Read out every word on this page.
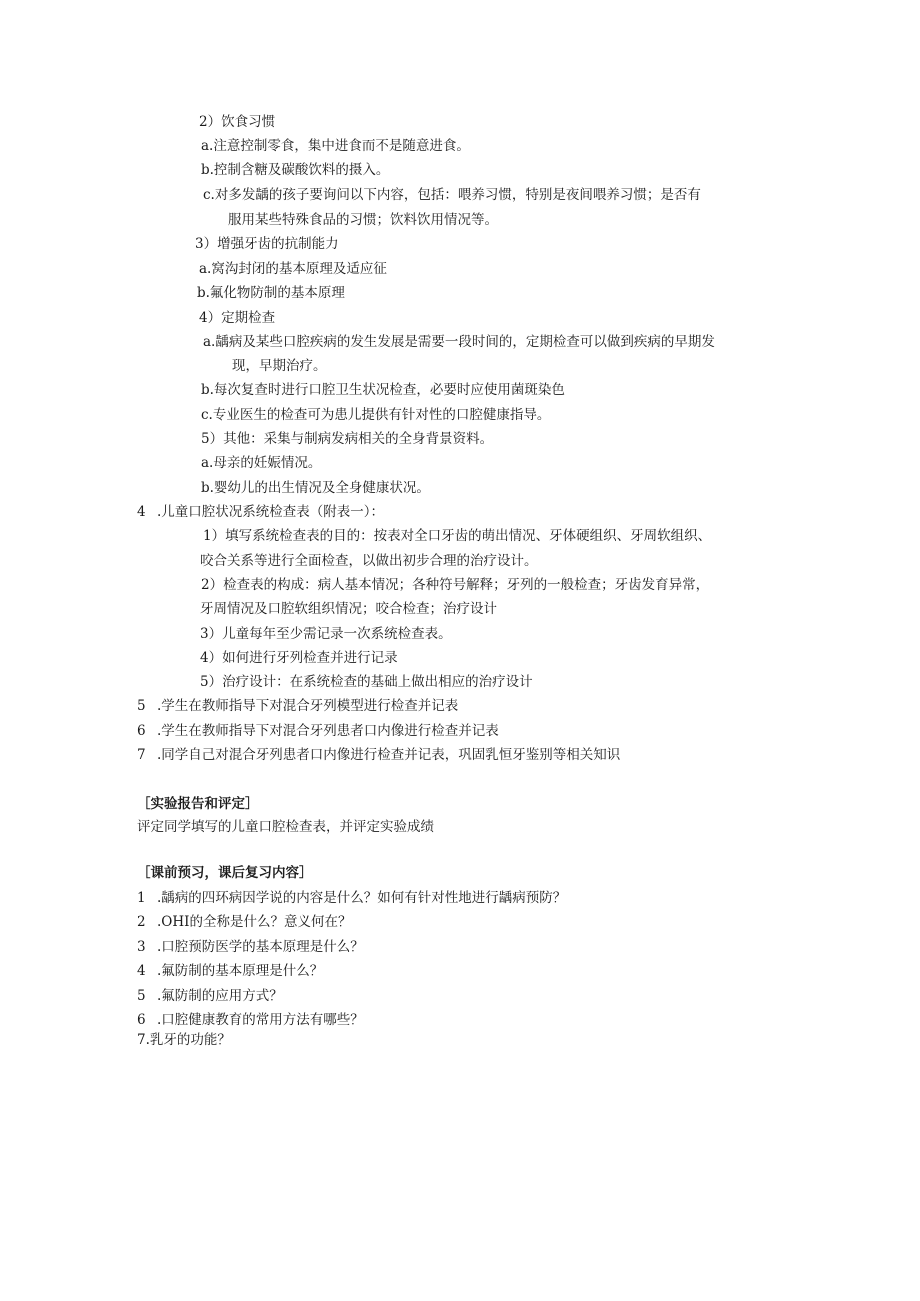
2）饮食习惯
a.注意控制零食，集中进食而不是随意进食。
b.控制含糖及碳酸饮料的摄入。
c.对多发龋的孩子要询问以下内容，包括：喂养习惯，特别是夜间喂养习惯；是否有
服用某些特殊食品的习惯；饮料饮用情况等。
3）增强牙齿的抗制能力
a.窝沟封闭的基本原理及适应征
b.氟化物防制的基本原理
4）定期检查
a.龋病及某些口腔疾病的发生发展是需要一段时间的，定期检查可以做到疾病的早期发
现，早期治疗。
b.每次复查时进行口腔卫生状况检查，必要时应使用菌斑染色
c.专业医生的检查可为患儿提供有针对性的口腔健康指导。
5）其他：采集与制病发病相关的全身背景资料。
a.母亲的妊娠情况。
b.婴幼儿的出生情况及全身健康状况。
4 .儿童口腔状况系统检查表（附表一）：
1）填写系统检查表的目的：按表对全口牙齿的萌出情况、牙体硬组织、牙周软组织、
咬合关系等进行全面检查，以做出初步合理的治疗设计。
2）检查表的构成：病人基本情况；各种符号解释；牙列的一般检查；牙齿发育异常，
牙周情况及口腔软组织情况；咬合检查；治疗设计
3）儿童每年至少需记录一次系统检查表。
4）如何进行牙列检查并进行记录
5）治疗设计：在系统检查的基础上做出相应的治疗设计
5 .学生在教师指导下对混合牙列模型进行检查并记表
6 .学生在教师指导下对混合牙列患者口内像进行检查并记表
7 .同学自己对混合牙列患者口内像进行检查并记表，巩固乳恒牙鉴别等相关知识
［实验报告和评定］
评定同学填写的儿童口腔检查表，并评定实验成绩
［课前预习，课后复习内容］
1 .龋病的四环病因学说的内容是什么？如何有针对性地进行龋病预防？
2 .OHI的全称是什么？意义何在？
3 .口腔预防医学的基本原理是什么？
4 .氟防制的基本原理是什么？
5 .氟防制的应用方式？
6 .口腔健康教育的常用方法有哪些？
7.乳牙的功能？
